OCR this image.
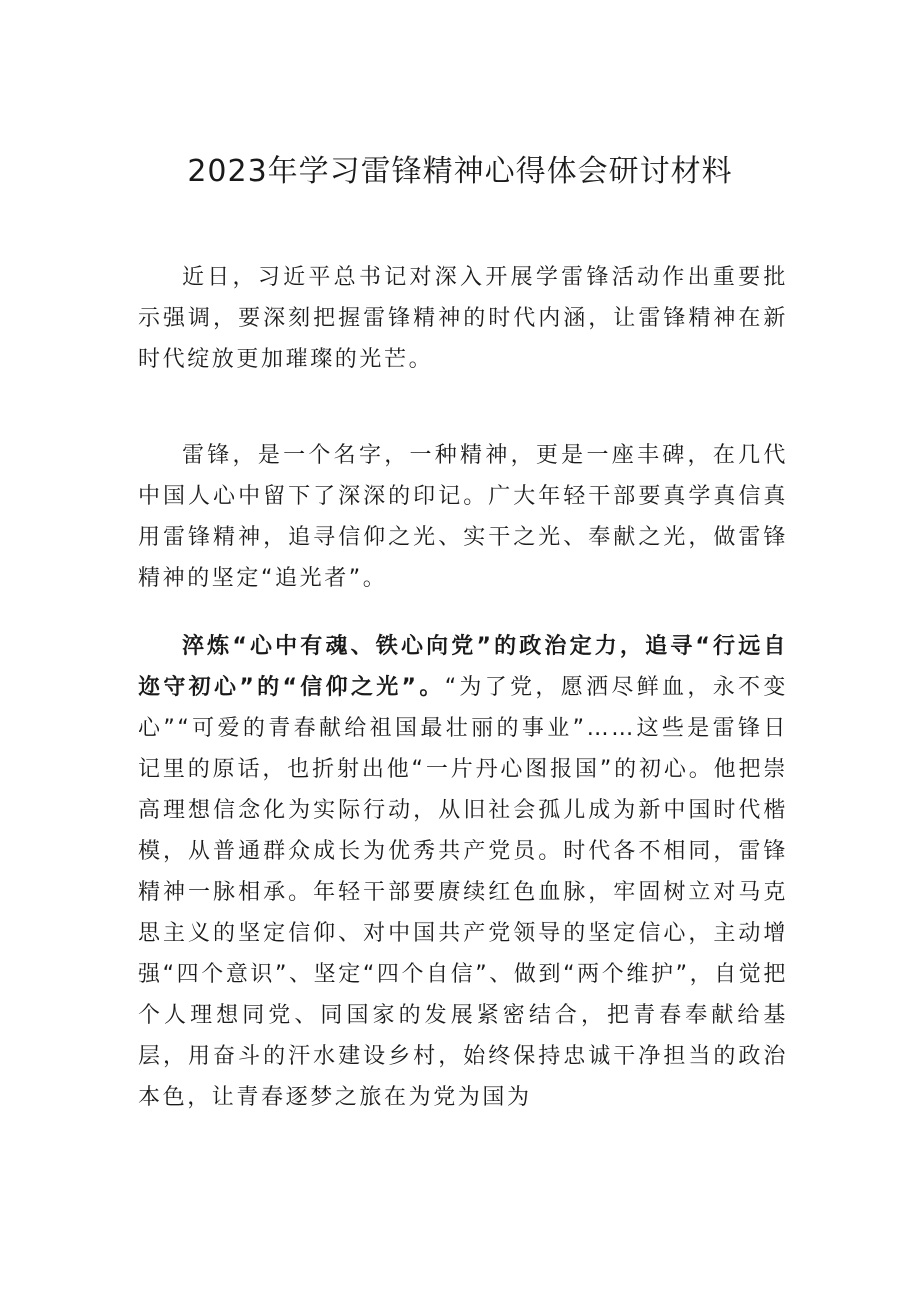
2023年学习雷锋精神心得体会研讨材料

近日，习近平总书记对深入开展学雷锋活动作出重要批示强调，要深刻把握雷锋精神的时代内涵，让雷锋精神在新时代绽放更加璀璨的光芒。

雷锋，是一个名字，一种精神，更是一座丰碑，在几代中国人心中留下了深深的印记。广大年轻干部要真学真信真用雷锋精神，追寻信仰之光、实干之光、奉献之光，做雷锋精神的坚定“追光者”。

淬炼“心中有魂、铁心向党”的政治定力，追寻“行远自迩守初心”的“信仰之光”。“为了党，愿洒尽鲜血，永不变心”“可爱的青春献给祖国最壮丽的事业”……这些是雷锋日记里的原话，也折射出他“一片丹心图报国”的初心。他把崇高理想信念化为实际行动，从旧社会孤儿成为新中国时代楷模，从普通群众成长为优秀共产党员。时代各不相同，雷锋精神一脉相承。年轻干部要赓续红色血脉，牢固树立对马克思主义的坚定信仰、对中国共产党领导的坚定信心，主动增强“四个意识”、坚定“四个自信”、做到“两个维护”，自觉把个人理想同党、同国家的发展紧密结合，把青春奉献给基层，用奋斗的汗水建设乡村，始终保持忠诚干净担当的政治本色，让青春逐梦之旅在为党为国为
